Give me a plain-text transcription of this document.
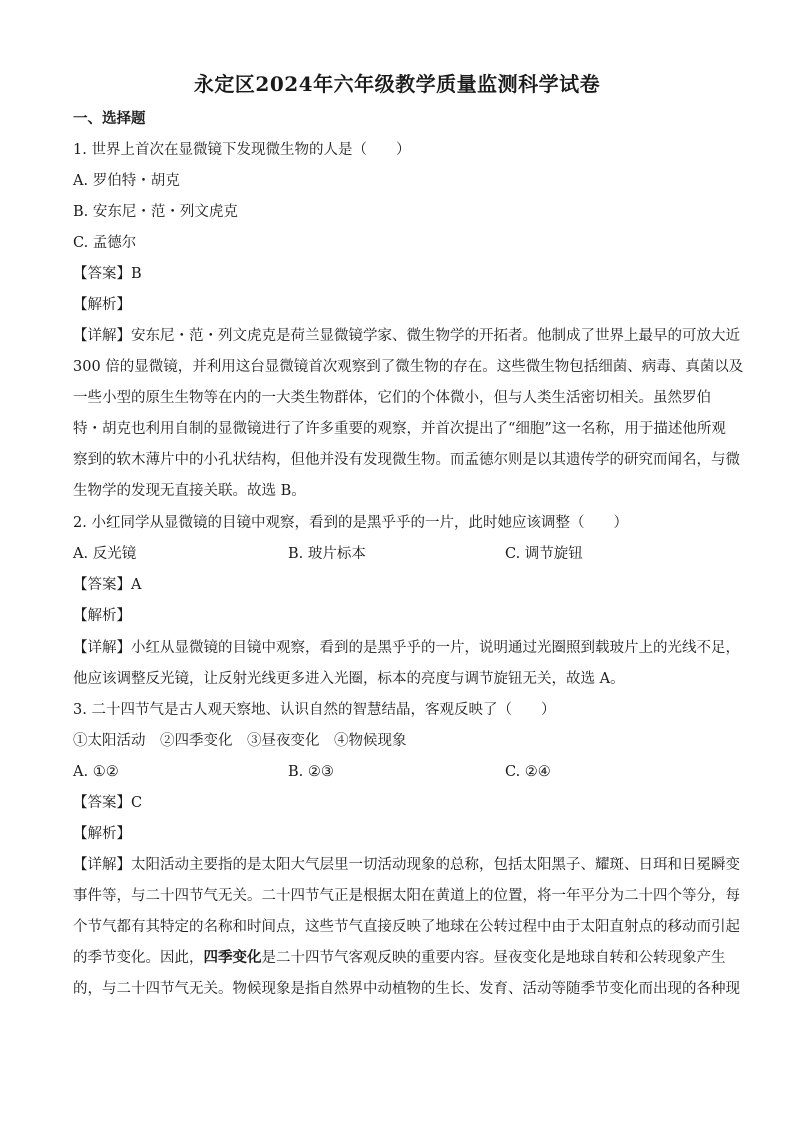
永定区2024年六年级教学质量监测科学试卷
一、选择题
1. 世界上首次在显微镜下发现微生物的人是（　　）
A. 罗伯特・胡克
B. 安东尼・范・列文虎克
C. 孟德尔
【答案】B
【解析】
【详解】安东尼・范・列文虎克是荷兰显微镜学家、微生物学的开拓者。他制成了世界上最早的可放大近
300 倍的显微镜，并利用这台显微镜首次观察到了微生物的存在。这些微生物包括细菌、病毒、真菌以及
一些小型的原生生物等在内的一大类生物群体，它们的个体微小，但与人类生活密切相关。虽然罗伯
特・胡克也利用自制的显微镜进行了许多重要的观察，并首次提出了“细胞”这一名称，用于描述他所观
察到的软木薄片中的小孔状结构，但他并没有发现微生物。而孟德尔则是以其遗传学的研究而闻名，与微
生物学的发现无直接关联。故选 B。
2. 小红同学从显微镜的目镜中观察，看到的是黑乎乎的一片，此时她应该调整（　　）
A. 反光镜	B. 玻片标本	C. 调节旋钮
【答案】A
【解析】
【详解】小红从显微镜的目镜中观察，看到的是黑乎乎的一片，说明通过光圈照到载玻片上的光线不足，
他应该调整反光镜，让反射光线更多进入光圈，标本的亮度与调节旋钮无关，故选 A。
3. 二十四节气是古人观天察地、认识自然的智慧结晶，客观反映了（　　）
①太阳活动　②四季变化　③昼夜变化　④物候现象
A. ①②	B. ②③	C. ②④
【答案】C
【解析】
【详解】太阳活动主要指的是太阳大气层里一切活动现象的总称，包括太阳黑子、耀斑、日珥和日冕瞬变
事件等，与二十四节气无关。二十四节气正是根据太阳在黄道上的位置，将一年平分为二十四个等分，每
个节气都有其特定的名称和时间点，这些节气直接反映了地球在公转过程中由于太阳直射点的移动而引起
的季节变化。因此，四季变化是二十四节气客观反映的重要内容。昼夜变化是地球自转和公转现象产生
的，与二十四节气无关。物候现象是指自然界中动植物的生长、发育、活动等随季节变化而出现的各种现
